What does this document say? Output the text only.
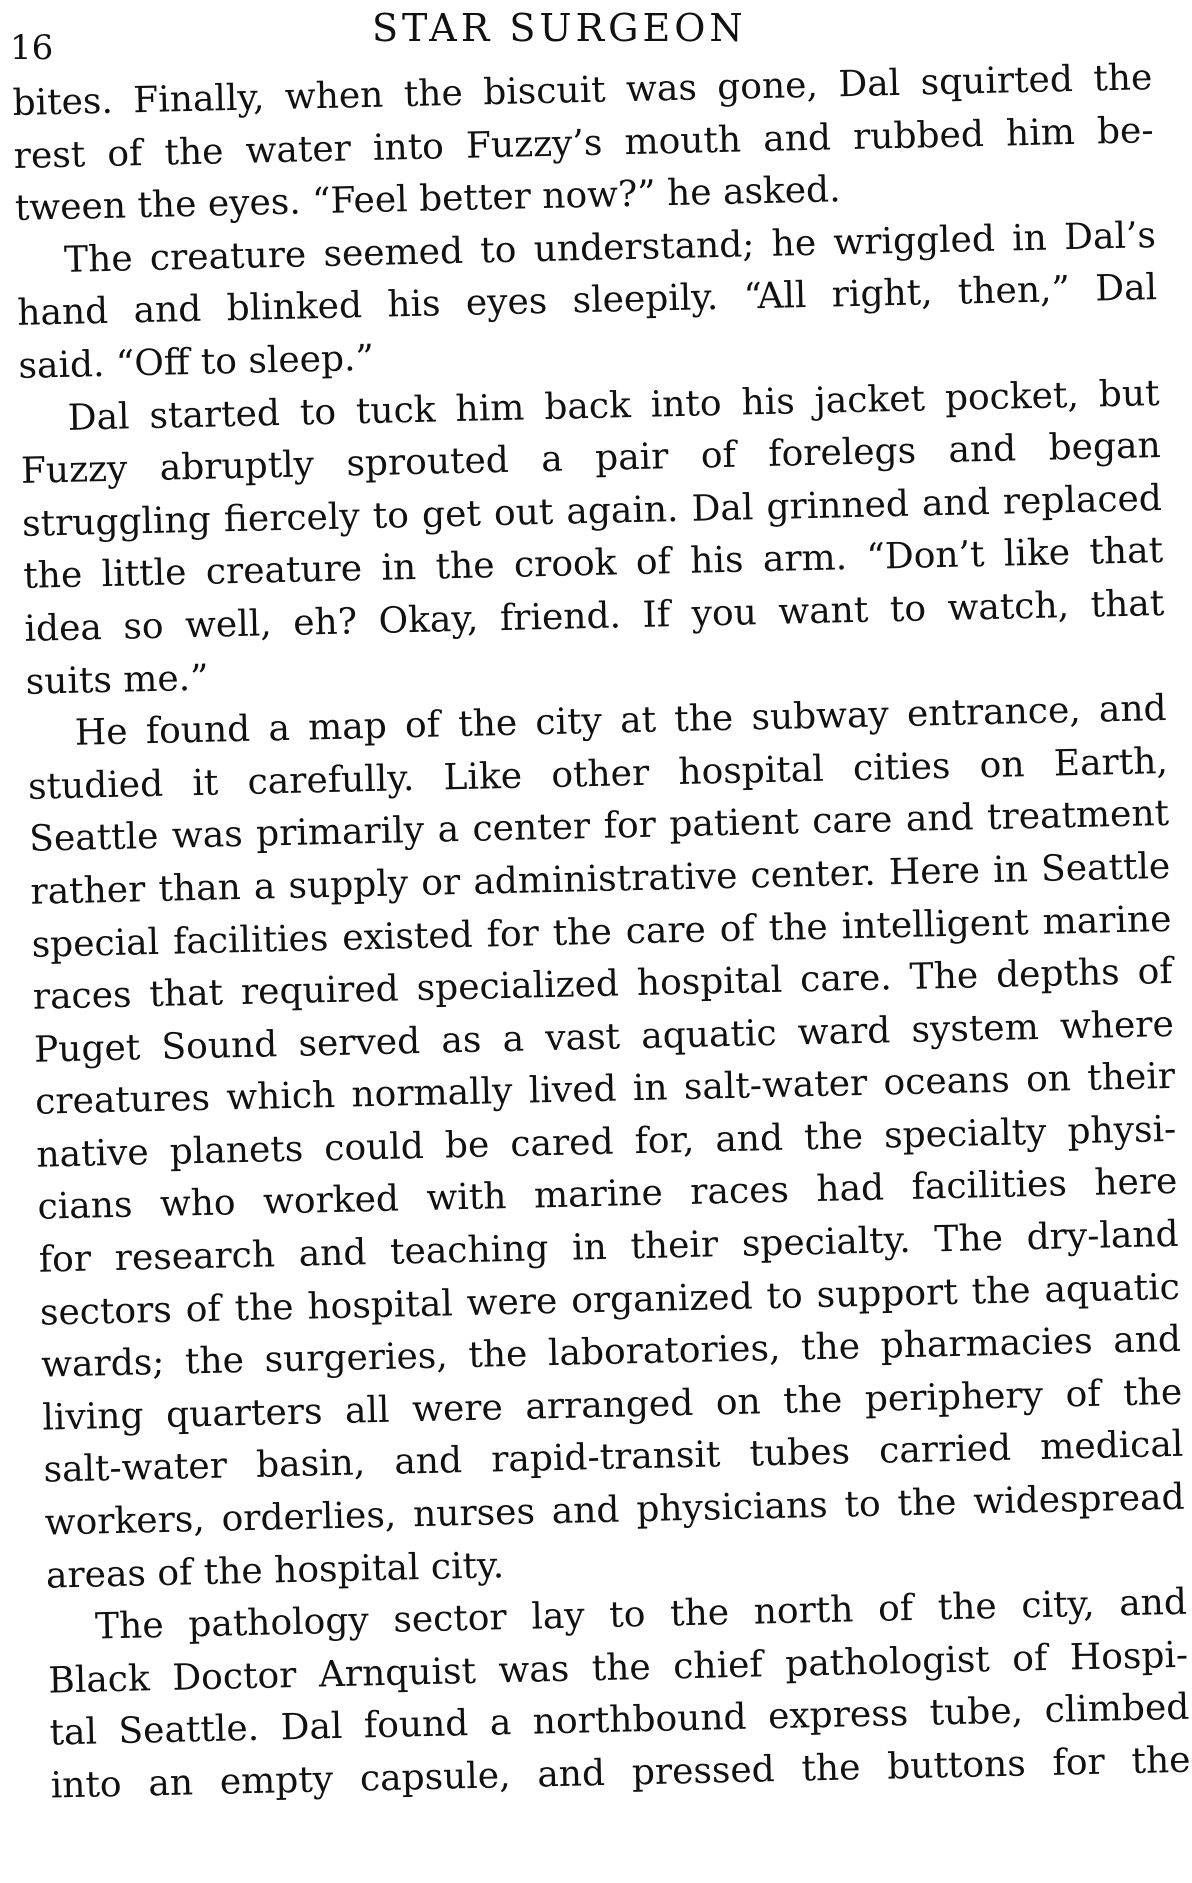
16	STAR SURGEON
bites. Finally, when the biscuit was gone, Dal squirted the
rest of the water into Fuzzy’s mouth and rubbed him be-
tween the eyes. “Feel better now?” he asked.
The creature seemed to understand; he wriggled in Dal’s
hand and blinked his eyes sleepily. “All right, then,” Dal
said. “Off to sleep.”
Dal started to tuck him back into his jacket pocket, but
Fuzzy abruptly sprouted a pair of forelegs and began
struggling fiercely to get out again. Dal grinned and replaced
the little creature in the crook of his arm. “Don’t like that
idea so well, eh? Okay, friend. If you want to watch, that
suits me.”
He found a map of the city at the subway entrance, and
studied it carefully. Like other hospital cities on Earth,
Seattle was primarily a center for patient care and treatment
rather than a supply or administrative center. Here in Seattle
special facilities existed for the care of the intelligent marine
races that required specialized hospital care. The depths of
Puget Sound served as a vast aquatic ward system where
creatures which normally lived in salt-water oceans on their
native planets could be cared for, and the specialty physi-
cians who worked with marine races had facilities here
for research and teaching in their specialty. The dry-land
sectors of the hospital were organized to support the aquatic
wards; the surgeries, the laboratories, the pharmacies and
living quarters all were arranged on the periphery of the
salt-water basin, and rapid-transit tubes carried medical
workers, orderlies, nurses and physicians to the widespread
areas of the hospital city.
The pathology sector lay to the north of the city, and
Black Doctor Arnquist was the chief pathologist of Hospi-
tal Seattle. Dal found a northbound express tube, climbed
into an empty capsule, and pressed the buttons for the
